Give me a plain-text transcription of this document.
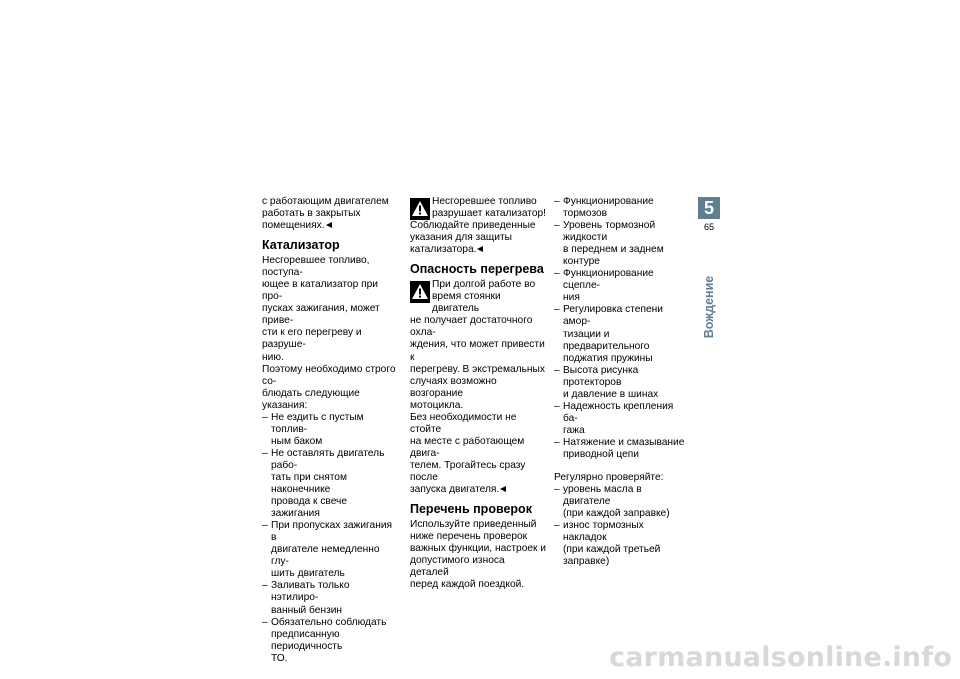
с работающим двигателем
работать в закрытых
помещениях.

Катализатор

Несгоревшее топливо, поступа-
ющее в катализатор при про-
пусках зажигания, может приве-
сти к его перегреву и разруше-
нию.
Поэтому необходимо строго со-
блюдать следующие указания:

– Не ездить с пустым топлив-
ным баком
– Не оставлять двигатель рабо-
тать при снятом наконечнике
провода к свече зажигания
– При пропусках зажигания в
двигателе немедленно глу-
шить двигатель
– Заливать только нэтилиро-
ванный бензин
– Обязательно соблюдать
предписанную периодичность
ТО.
Несгоревшее топливо
разрушает катализатор!
Соблюдайте приведенные
указания для защиты
катализатора.
Опасность перегрева
При долгой работе во
время стоянки двигатель
не получает достаточного охла-
ждения, что может привести к
перегреву. В экстремальных
случаях возможно возгорание
мотоцикла.

Без необходимости не стойте
на месте с работающем двига-
телем. Трогайтесь сразу после
запуска двигателя.

Перечень проверок

Используйте приведенный
ниже перечень проверок
важных функции, настроек и
допустимого износа деталей
перед каждой поездкой.

– Функционирование тормозов
– Уровень тормозной жидкости
в переднем и заднем контуре
– Функционирование сцепле-
ния
– Регулировка степени амор-
тизации и предварительного
поджатия пружины
– Высота рисунка протекторов
и давление в шинах
– Надежность крепления ба-
гажа
– Натяжение и смазывание
приводной цепи

Регулярно проверяйте:

– уровень масла в двигателе
(при каждой заправке)
– износ тормозных накладок
(при каждой третьей
заправке)
5
65
Вождение
carmanualsonline.info
